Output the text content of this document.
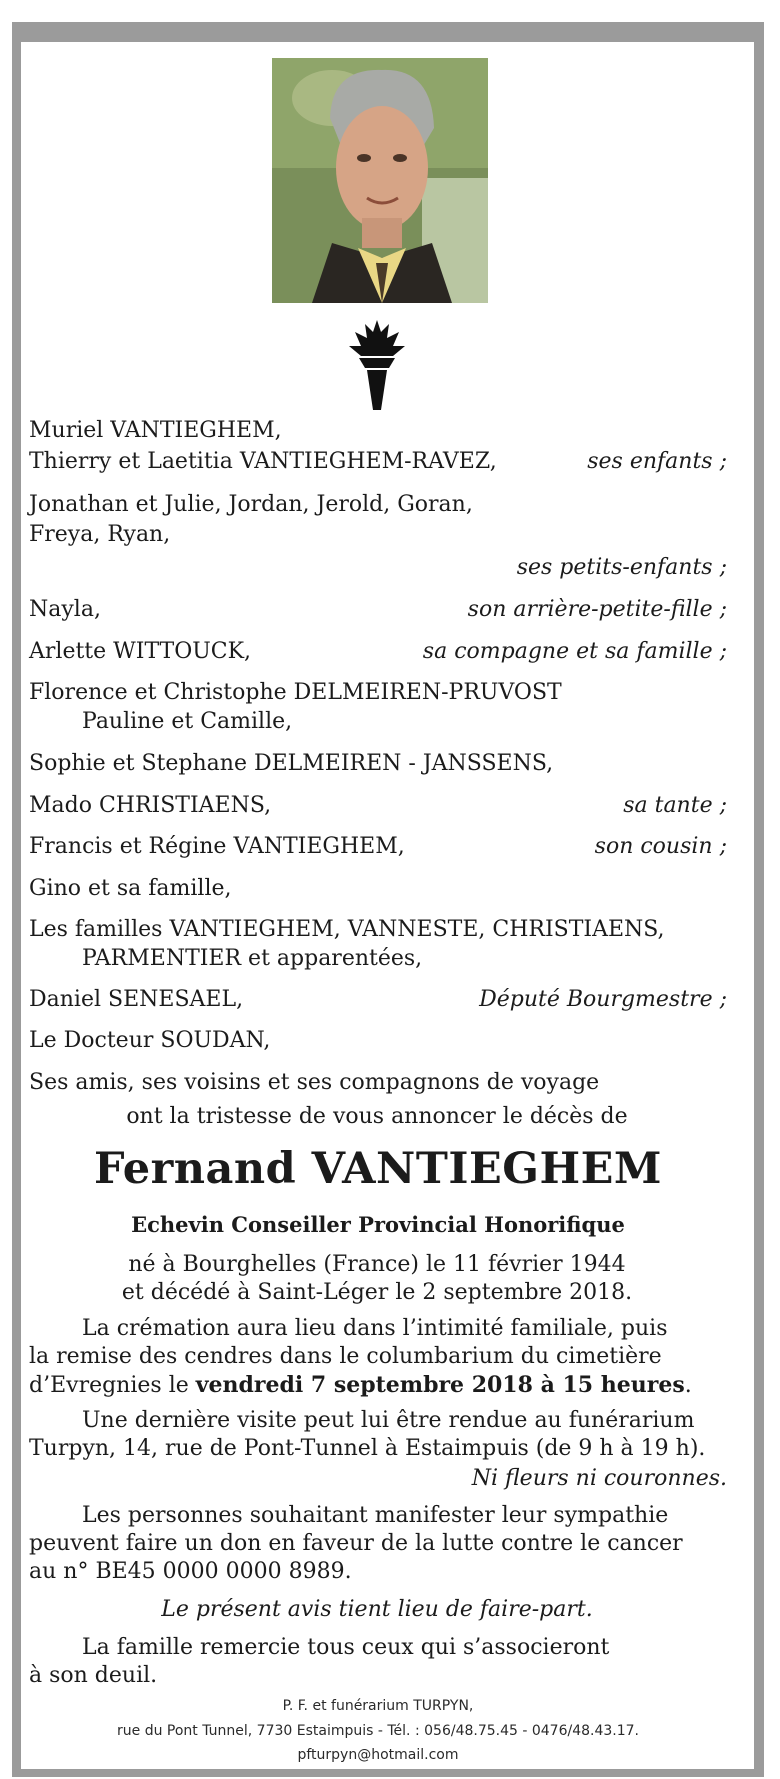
Muriel VANTIEGHEM,
Thierry et Laetitia VANTIEGHEM-RAVEZ,	ses enfants ;
Jonathan et Julie, Jordan, Jerold, Goran,
Freya, Ryan,
ses petits-enfants ;
Nayla,	son arrière-petite-fille ;
Arlette WITTOUCK,	sa compagne et sa famille ;
Florence et Christophe DELMEIREN-PRUVOST
Pauline et Camille,
Sophie et Stephane DELMEIREN - JANSSENS,
Mado CHRISTIAENS,	sa tante ;
Francis et Régine VANTIEGHEM,	son cousin ;
Gino et sa famille,
Les familles VANTIEGHEM, VANNESTE, CHRISTIAENS,
PARMENTIER et apparentées,
Daniel SENESAEL,	Député Bourgmestre ;
Le Docteur SOUDAN,
Ses amis, ses voisins et ses compagnons de voyage
ont la tristesse de vous annoncer le décès de
Fernand VANTIEGHEM
Echevin Conseiller Provincial Honorifique
né à Bourghelles (France) le 11 février 1944
et décédé à Saint-Léger le 2 septembre 2018.
La crémation aura lieu dans l’intimité familiale, puis
la remise des cendres dans le columbarium du cimetière
d’Evregnies le vendredi 7 septembre 2018 à 15 heures.
Une dernière visite peut lui être rendue au funérarium
Turpyn, 14, rue de Pont-Tunnel à Estaimpuis (de 9 h à 19 h).
Ni fleurs ni couronnes.
Les personnes souhaitant manifester leur sympathie
peuvent faire un don en faveur de la lutte contre le cancer
au n° BE45 0000 0000 8989.
Le présent avis tient lieu de faire-part.
La famille remercie tous ceux qui s’associeront
à son deuil.
P. F. et funérarium TURPYN,
rue du Pont Tunnel, 7730 Estaimpuis - Tél. : 056/48.75.45 - 0476/48.43.17.
pfturpyn@hotmail.com
